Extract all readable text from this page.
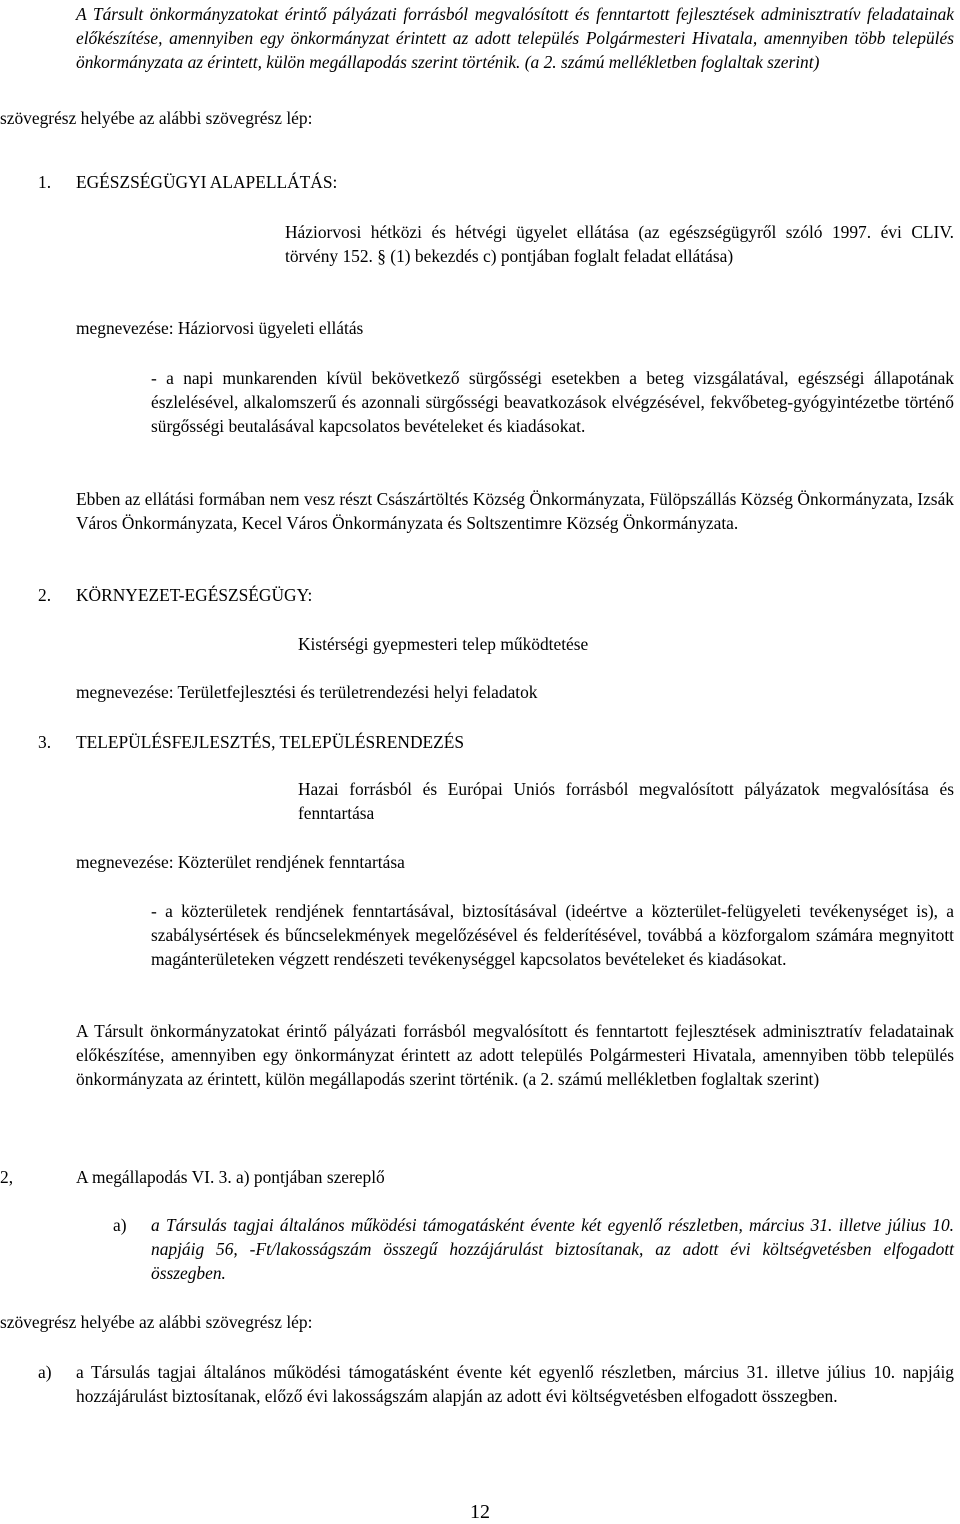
A Társult önkormányzatokat érintő pályázati forrásból megvalósított és fenntartott fejlesztések adminisztratív feladatainak előkészítése, amennyiben egy önkormányzat érintett az adott település Polgármesteri Hivatala, amennyiben több település önkormányzata az érintett, külön megállapodás szerint történik. (a 2. számú mellékletben foglaltak szerint)

szövegrész helyébe az alábbi szövegrész lép:

1. EGÉSZSÉGÜGYI ALAPELLÁTÁS:

Háziorvosi hétközi és hétvégi ügyelet ellátása (az egészségügyről szóló 1997. évi CLIV. törvény 152. § (1) bekezdés c) pontjában foglalt feladat ellátása)

megnevezése: Háziorvosi ügyeleti ellátás

- a napi munkarenden kívül bekövetkező sürgősségi esetekben a beteg vizsgálatával, egészségi állapotának észlelésével, alkalomszerű és azonnali sürgősségi beavatkozások elvégzésével, fekvőbeteg-gyógyintézetbe történő sürgősségi beutalásával kapcsolatos bevételeket és kiadásokat.

Ebben az ellátási formában nem vesz részt Császártöltés Község Önkormányzata, Fülöpszállás Község Önkormányzata, Izsák Város Önkormányzata, Kecel Város Önkormányzata és Soltszentimre Község Önkormányzata.

2. KÖRNYEZET-EGÉSZSÉGÜGY:

Kistérségi gyepmesteri telep működtetése

megnevezése: Területfejlesztési és területrendezési helyi feladatok

3. TELEPÜLÉSFEJLESZTÉS, TELEPÜLÉSRENDEZÉS

Hazai forrásból és Európai Uniós forrásból megvalósított pályázatok megvalósítása és fenntartása

megnevezése: Közterület rendjének fenntartása

- a közterületek rendjének fenntartásával, biztosításával (ideértve a közterület-felügyeleti tevékenységet is), a szabálysértések és bűncselekmények megelőzésével és felderítésével, továbbá a közforgalom számára megnyitott magánterületeken végzett rendészeti tevékenységgel kapcsolatos bevételeket és kiadásokat.

A Társult önkormányzatokat érintő pályázati forrásból megvalósított és fenntartott fejlesztések adminisztratív feladatainak előkészítése, amennyiben egy önkormányzat érintett az adott település Polgármesteri Hivatala, amennyiben több település önkormányzata az érintett, külön megállapodás szerint történik. (a 2. számú mellékletben foglaltak szerint)

2,	A megállapodás VI. 3. a) pontjában szereplő
a) a Társulás tagjai általános működési támogatásként évente két egyenlő részletben, március 31. illetve július 10. napjáig 56, -Ft/lakosságszám összegű hozzájárulást biztosítanak, az adott évi költségvetésben elfogadott összegben.

szövegrész helyébe az alábbi szövegrész lép:

a) a Társulás tagjai általános működési támogatásként évente két egyenlő részletben, március 31. illetve július 10. napjáig hozzájárulást biztosítanak, előző évi lakosságszám alapján az adott évi költségvetésben elfogadott összegben.

12
